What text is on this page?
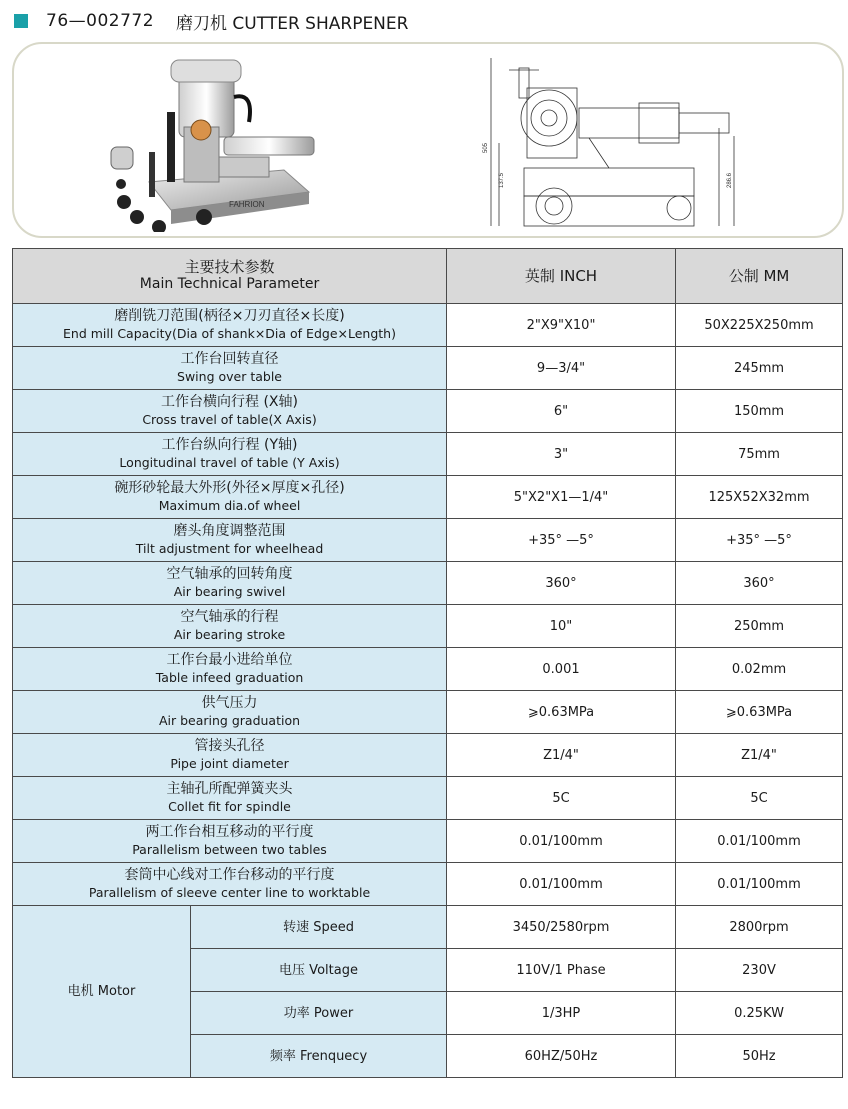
76—002772 磨刀机 CUTTER SHARPENER
FAHRION
505
137.5	286.6
主要技术参数
Main Technical Parameter		英制 INCH	公制 MM

磨削铣刀范围(柄径×刀刃直径×长度)
End mill Capacity(Dia of shank×Dia of Edge×Length)		2"X9"X10"	50X225X250mm

工作台回转直径
Swing over table		9—3/4"	245mm

工作台横向行程 (X轴)
Cross travel of table(X Axis)		6"	150mm

工作台纵向行程 (Y轴)
Longitudinal travel of table (Y Axis)		3"	75mm

碗形砂轮最大外形(外径×厚度×孔径)
Maximum dia.of wheel		5"X2"X1—1/4"	125X52X32mm

磨头角度调整范围
Tilt adjustment for wheelhead		+35° —5°	+35° —5°

空气轴承的回转角度
Air bearing swivel		360°	360°

空气轴承的行程
Air bearing stroke		10"	250mm

工作台最小进给单位
Table infeed graduation		0.001	0.02mm

供气压力
Air bearing graduation		⩾0.63MPa	⩾0.63MPa

管接头孔径
Pipe joint diameter		Z1/4"	Z1/4"

主轴孔所配弹簧夹头
Collet fit for spindle		5C	5C

两工作台相互移动的平行度
Parallelism between two tables		0.01/100mm	0.01/100mm

套筒中心线对工作台移动的平行度
Parallelism of sleeve center line to worktable		0.01/100mm	0.01/100mm
电机 Motor	转速 Speed	3450/2580rpm	2800rpm
	电压 Voltage	110V/1 Phase	230V
	功率 Power	1/3HP	0.25KW
	频率 Frenquecy	60HZ/50Hz	50Hz
